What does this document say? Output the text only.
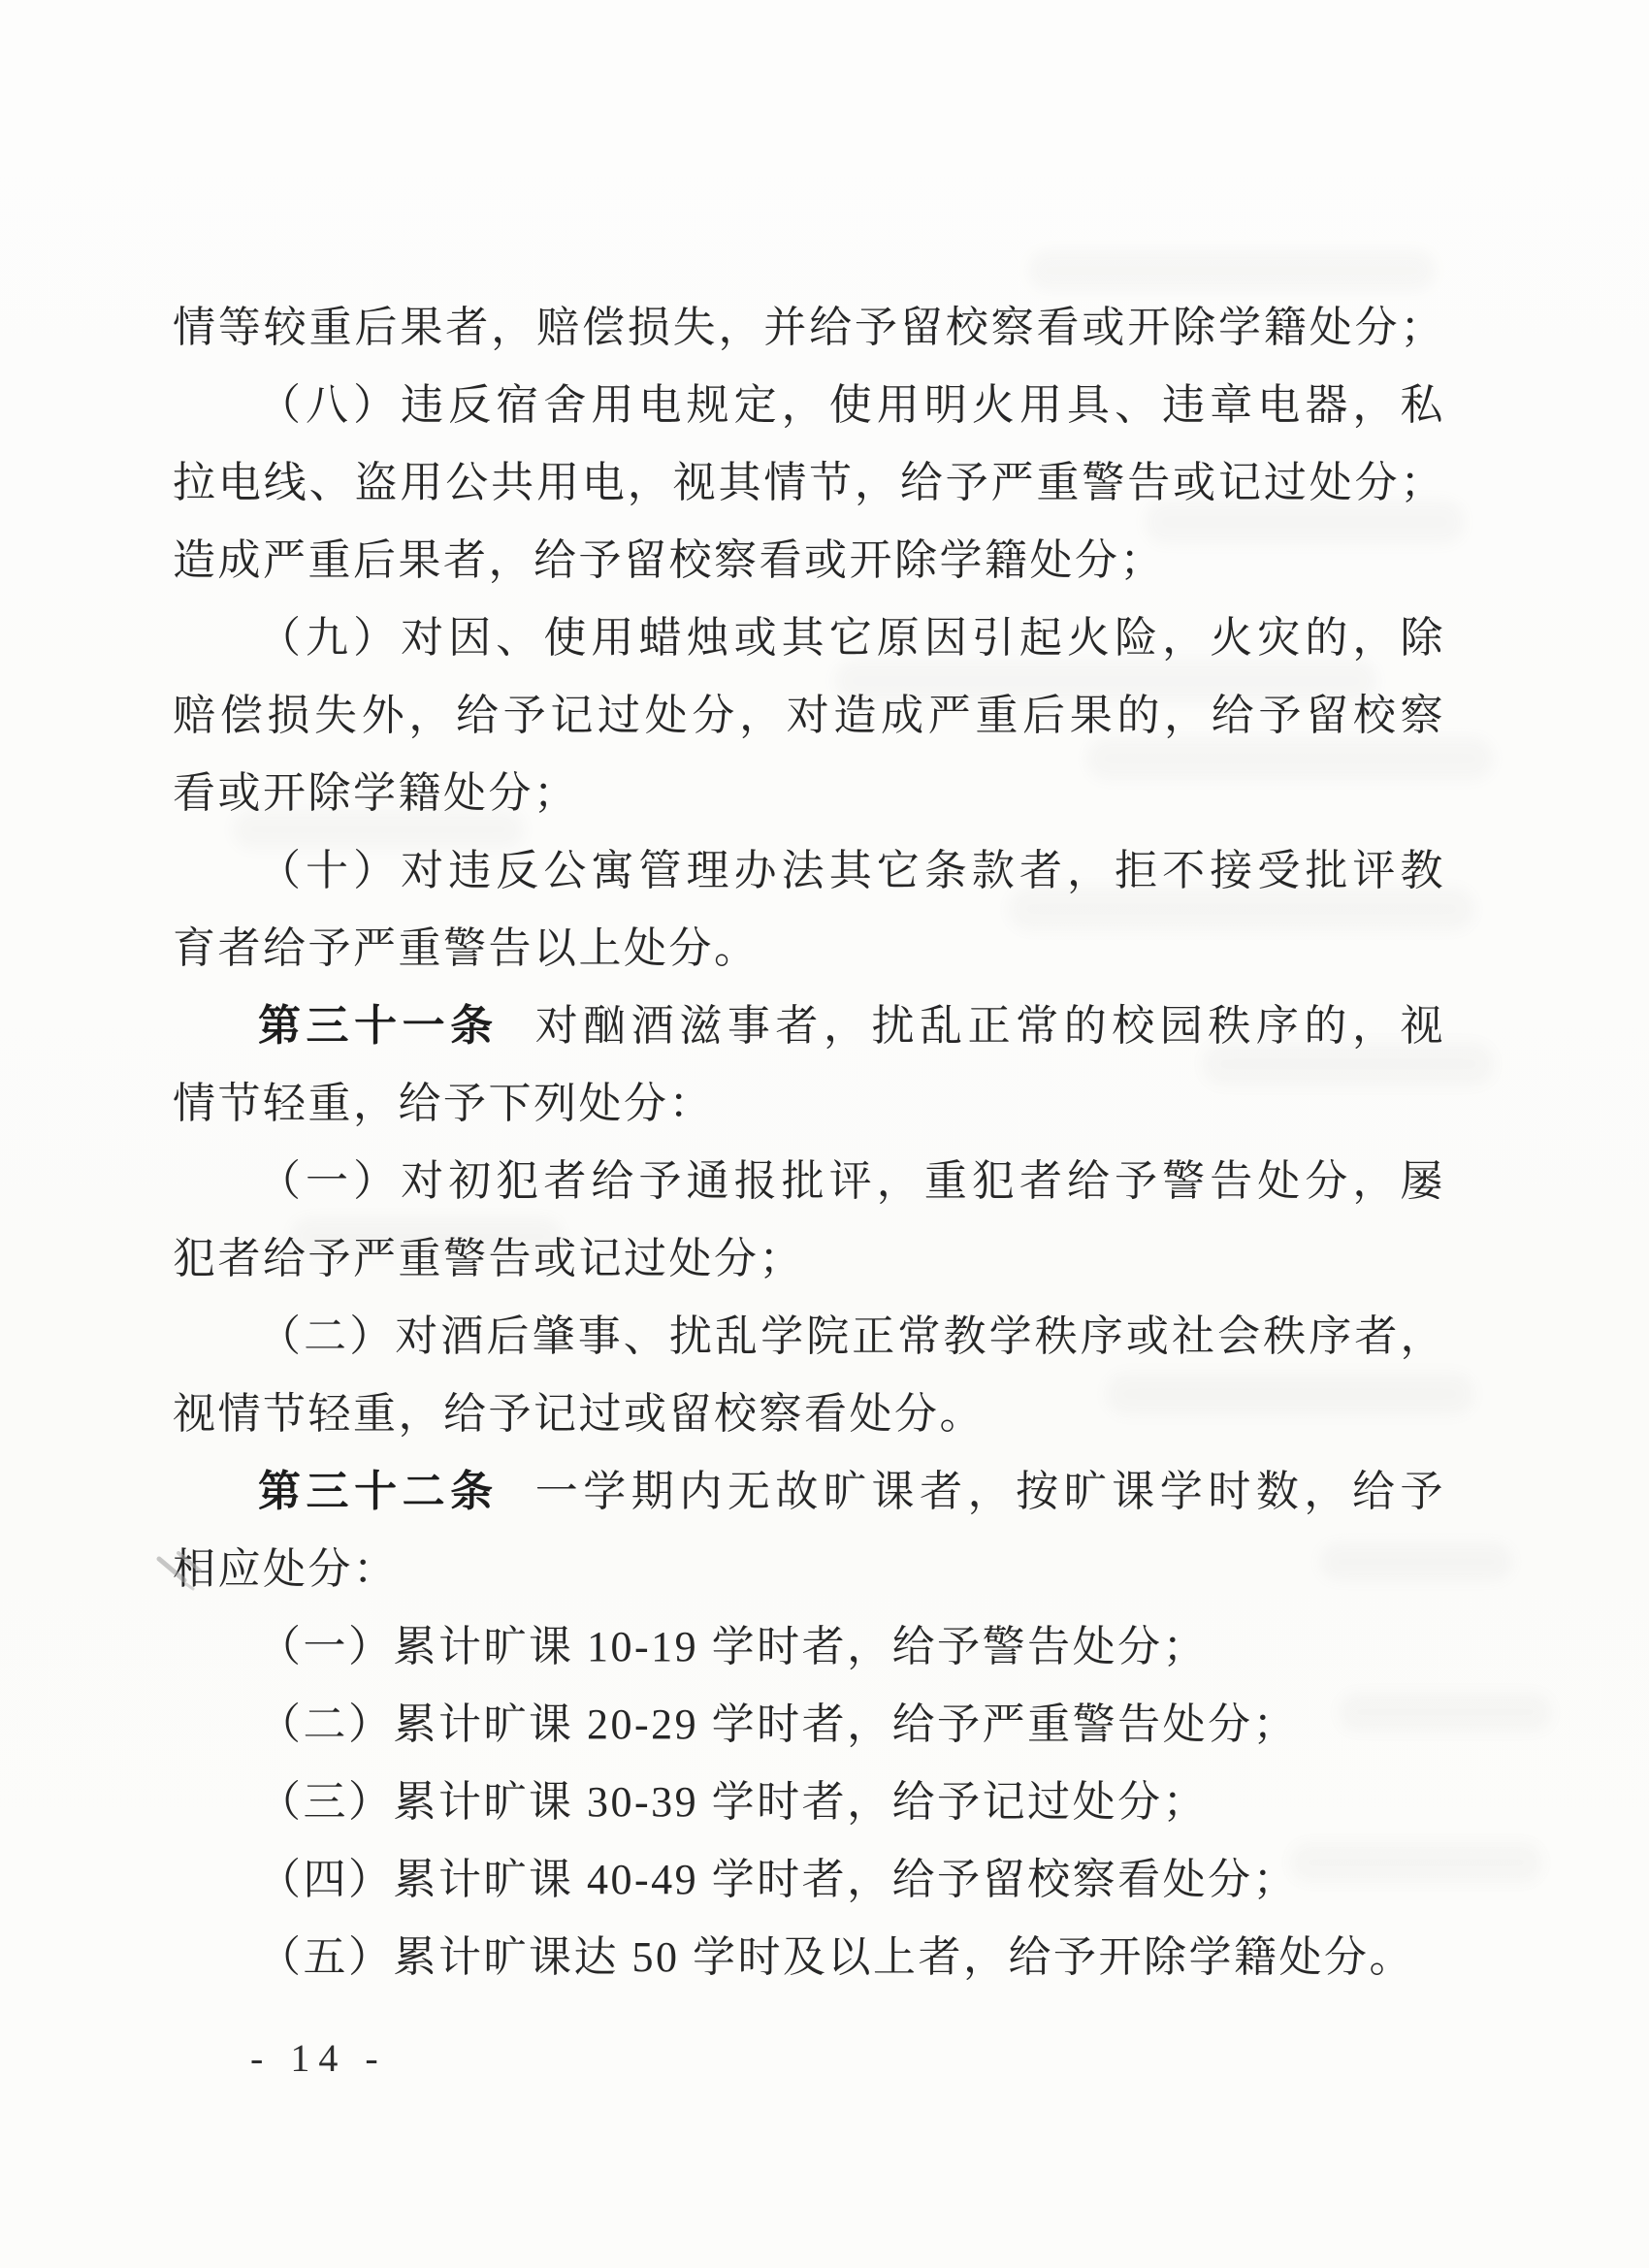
情等较重后果者，赔偿损失，并给予留校察看或开除学籍处分；
（八）违反宿舍用电规定，使用明火用具、违章电器，私
拉电线、盗用公共用电，视其情节，给予严重警告或记过处分；
造成严重后果者，给予留校察看或开除学籍处分；
（九）对因、使用蜡烛或其它原因引起火险，火灾的，除
赔偿损失外，给予记过处分，对造成严重后果的，给予留校察
看或开除学籍处分；
（十）对违反公寓管理办法其它条款者，拒不接受批评教
育者给予严重警告以上处分。
第三十一条 对酗酒滋事者，扰乱正常的校园秩序的，视
情节轻重，给予下列处分：
（一）对初犯者给予通报批评，重犯者给予警告处分，屡
犯者给予严重警告或记过处分；
（二）对酒后肇事、扰乱学院正常教学秩序或社会秩序者，
视情节轻重，给予记过或留校察看处分。
第三十二条 一学期内无故旷课者，按旷课学时数，给予
相应处分：
（一）累计旷课 10-19 学时者，给予警告处分；
（二）累计旷课 20-29 学时者，给予严重警告处分；
（三）累计旷课 30-39 学时者，给予记过处分；
（四）累计旷课 40-49 学时者，给予留校察看处分；
（五）累计旷课达 50 学时及以上者，给予开除学籍处分。
- 14 -
